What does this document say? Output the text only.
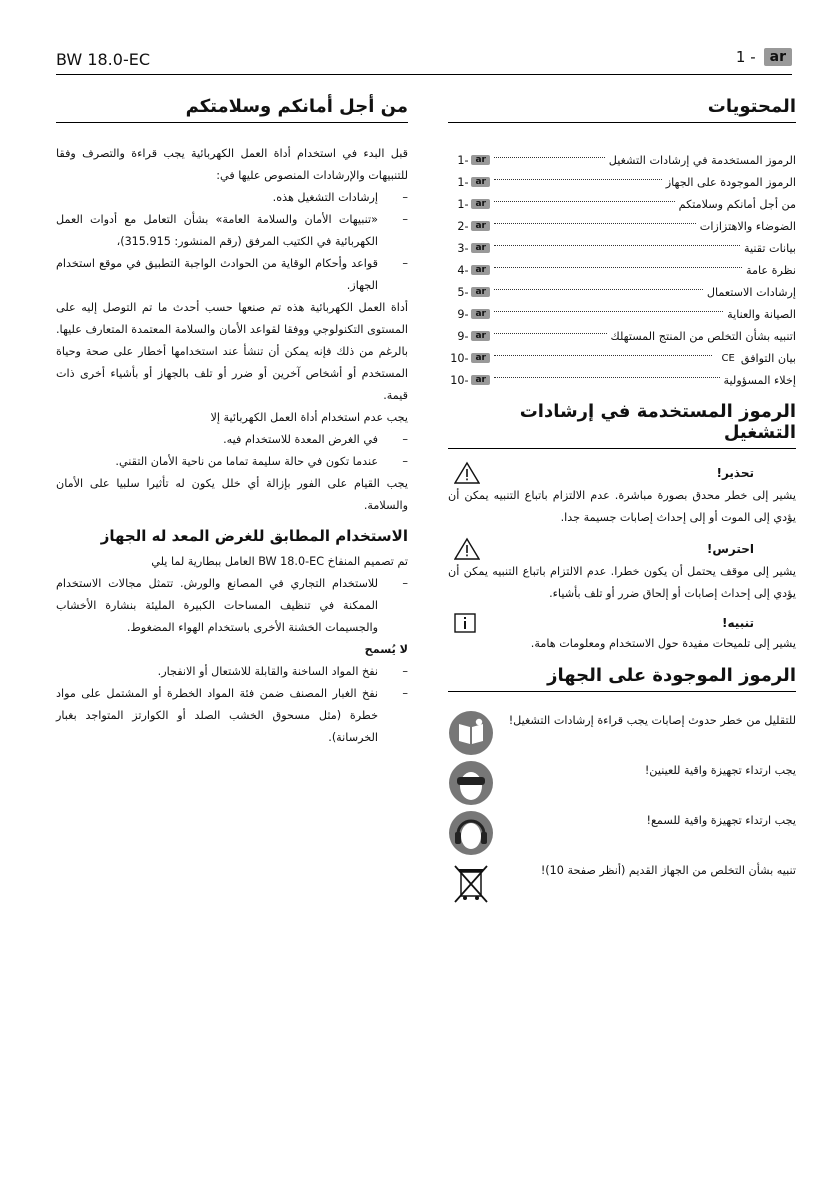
BW 18.0-EC	1 -	ar
المحتويات
الرموز المستخدمة في إرشادات التشغيل
1- ar
الرموز الموجودة على الجهاز
1- ar
من أجل أمانكم وسلامتكم
1- ar
الضوضاء والاهتزازات
2- ar
بيانات تقنية
3- ar
نظرة عامة
4- ar
إرشادات الاستعمال
5- ar
الصيانة والعناية
9- ar
اتنبيه بشأن التخلص من المنتج المستهلك
9- ar
بيان التوافق
CE
10- ar
إخلاء المسؤولية
10- ar
الرموز المستخدمة في إرشادات التشغيل
تحذير!

يشير إلى خطر محدق بصورة مباشرة. عدم الالتزام باتباع التنبيه يمكن أن يؤدي إلى الموت أو إلى إحداث إصابات جسيمة جدا.

احترس!

يشير إلى موقف يحتمل أن يكون خطرا. عدم الالتزام باتباع التنبيه يمكن أن يؤدي إلى إحداث إصابات أو إلحاق ضرر أو تلف بأشياء.

تنبيه!

يشير إلى تلميحات مفيدة حول الاستخدام ومعلومات هامة.

الرموز الموجودة على الجهاز

للتقليل من خطر حدوث إصابات يجب قراءة إرشادات التشغيل!

يجب ارتداء تجهيزة واقية للعينين!

يجب ارتداء تجهيزة واقية للسمع!

تنبيه بشأن التخلص من الجهاز القديم (أنظر صفحة 10)!

من أجل أمانكم وسلامتكم

قبل البدء في استخدام أداة العمل الكهربائية يجب قراءة والتصرف وفقا للتنبيهات والإرشادات المنصوص عليها في:

– إرشادات التشغيل هذه.
– «تنبيهات الأمان والسلامة العامة» بشأن التعامل مع أدوات العمل الكهربائية في الكتيب المرفق (رقم المنشور: 315.915)،
– قواعد وأحكام الوقاية من الحوادث الواجبة التطبيق في موقع استخدام الجهاز.

أداة العمل الكهربائية هذه تم صنعها حسب أحدث ما تم التوصل إليه على المستوى التكنولوجي ووفقا لقواعد الأمان والسلامة المعتمدة المتعارف عليها. بالرغم من ذلك فإنه يمكن أن تنشأ عند استخدامها أخطار على صحة وحياة المستخدم أو أشخاص آخرين أو ضرر أو تلف بالجهاز أو بأشياء أخرى ذات قيمة.

يجب عدم استخدام أداة العمل الكهربائية إلا

– في الغرض المعدة للاستخدام فيه.
– عندما تكون في حالة سليمة تماما من ناحية الأمان التقني.

يجب القيام على الفور بإزالة أي خلل يكون له تأثيرا سلبيا على الأمان والسلامة.

الاستخدام المطابق للغرض المعد له الجهاز

تم تصميم المنفاخ BW 18.0-EC العامل ببطارية لما يلي

– للاستخدام التجاري في المصانع والورش. تتمثل مجالات الاستخدام الممكنة في تنظيف المساحات الكبيرة المليئة بنشارة الأخشاب والجسيمات الخشنة الأخرى باستخدام الهواء المضغوط.

لا يُسمح

– نفخ المواد الساخنة والقابلة للاشتعال أو الانفجار.
– نفخ الغبار المصنف ضمن فئة المواد الخطرة أو المشتمل على مواد خطرة (مثل مسحوق الخشب الصلد أو الكوارتز المتواجد بغبار الخرسانة).
